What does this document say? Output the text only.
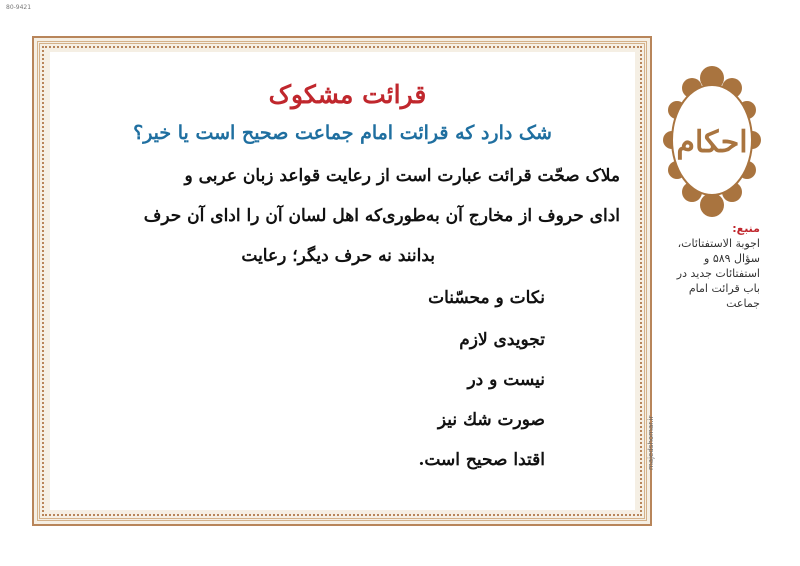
80-9421
قرائت مشکوک
شک دارد که قرائت امام جماعت صحیح است یا خیر؟
ملاک صحّت قرائت عبارت است از رعایت قواعد زبان عربی و
ادای حروف از مخارج آن به‌طوری‌که اهل لسان آن را ادای آن حرف
بدانند نه حرف دیگر؛ رعایت
نکات و محسّنات
تجویدی لازم
نیست و در
صورت شك نیز
اقتدا صحیح است.
احکام
منبع:
اجوبة الاستفتائات، سؤال ۵۸۹ و استفتائات جدید در باب قرائت امام جماعت
majedshomar.ir
